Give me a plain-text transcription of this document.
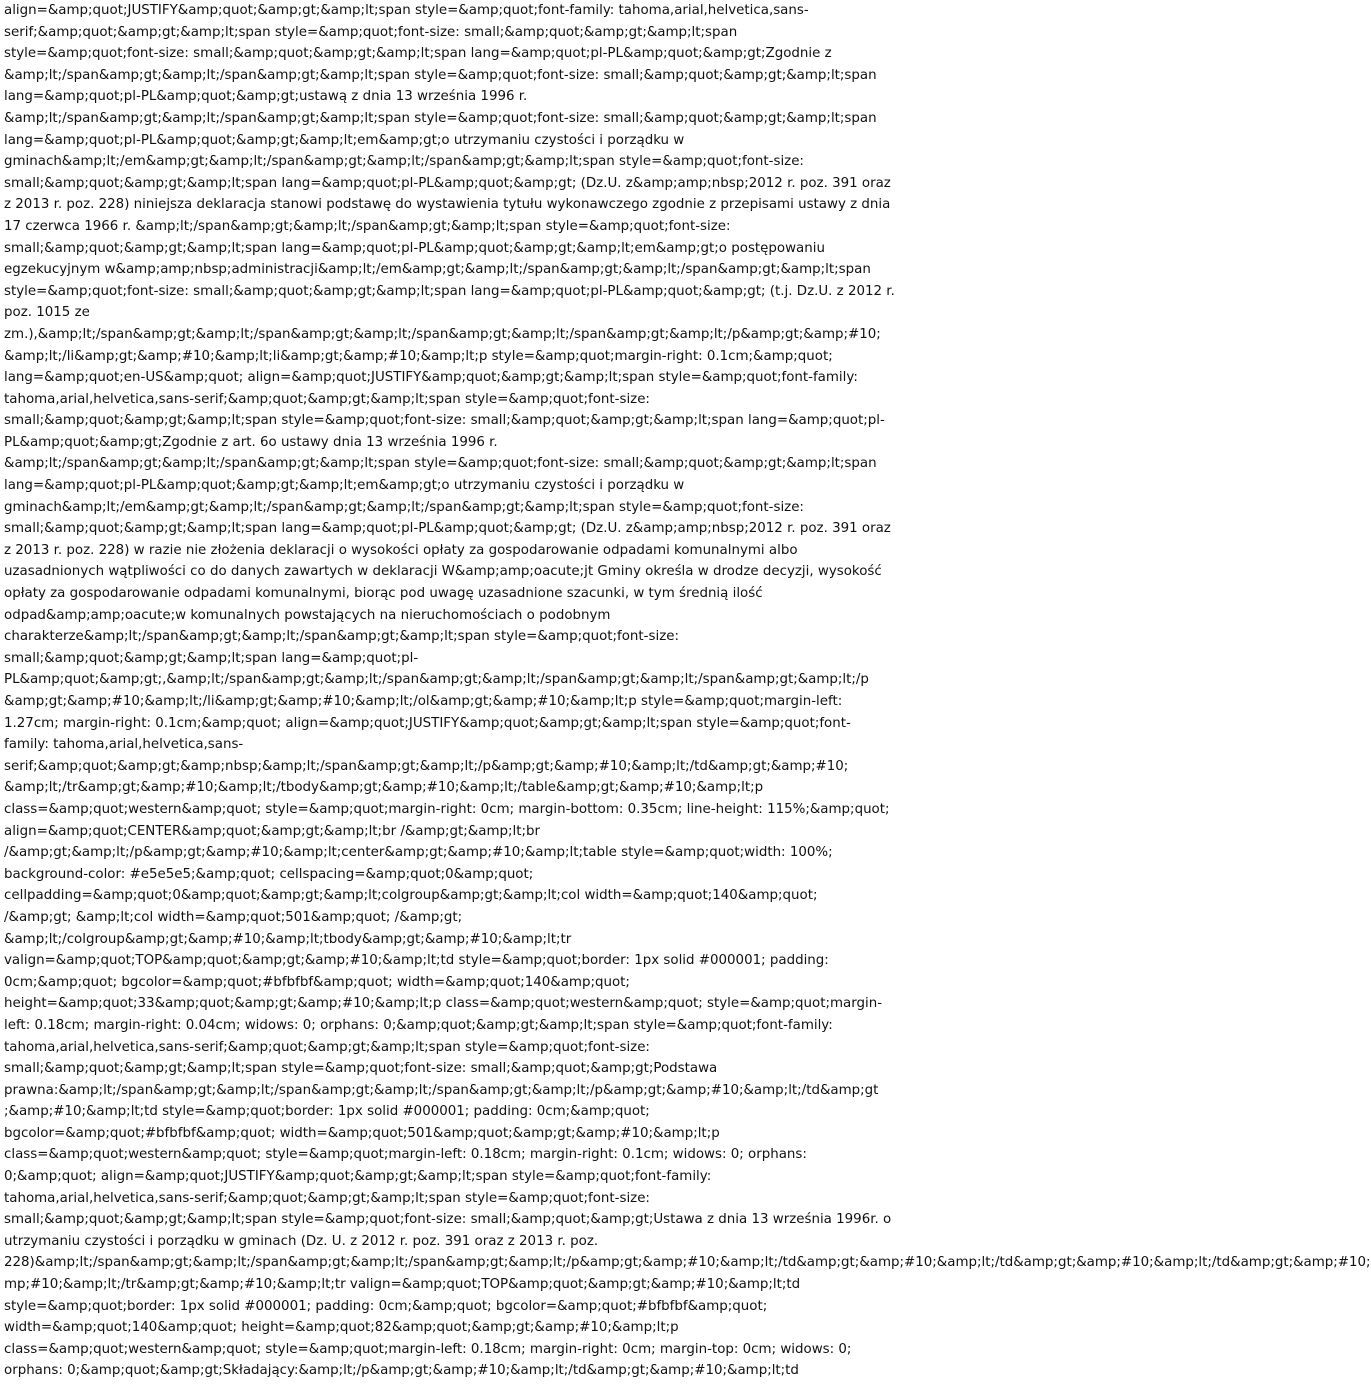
align=&amp;quot;JUSTIFY&amp;quot;&amp;gt;&amp;lt;span style=&amp;quot;font-family: tahoma,arial,helvetica,sans-
serif;&amp;quot;&amp;gt;&amp;lt;span style=&amp;quot;font-size: small;&amp;quot;&amp;gt;&amp;lt;span
style=&amp;quot;font-size: small;&amp;quot;&amp;gt;&amp;lt;span lang=&amp;quot;pl-PL&amp;quot;&amp;gt;Zgodnie z
&amp;lt;/span&amp;gt;&amp;lt;/span&amp;gt;&amp;lt;span style=&amp;quot;font-size: small;&amp;quot;&amp;gt;&amp;lt;span
lang=&amp;quot;pl-PL&amp;quot;&amp;gt;ustawą z dnia 13 września 1996 r.
&amp;lt;/span&amp;gt;&amp;lt;/span&amp;gt;&amp;lt;span style=&amp;quot;font-size: small;&amp;quot;&amp;gt;&amp;lt;span
lang=&amp;quot;pl-PL&amp;quot;&amp;gt;&amp;lt;em&amp;gt;o utrzymaniu czystości i porządku w
gminach&amp;lt;/em&amp;gt;&amp;lt;/span&amp;gt;&amp;lt;/span&amp;gt;&amp;lt;span style=&amp;quot;font-size:
small;&amp;quot;&amp;gt;&amp;lt;span lang=&amp;quot;pl-PL&amp;quot;&amp;gt; (Dz.U. z&amp;amp;nbsp;2012 r. poz. 391 oraz
z 2013 r. poz. 228) niniejsza deklaracja stanowi podstawę do wystawienia tytułu wykonawczego zgodnie z przepisami ustawy z dnia
17 czerwca 1966 r. &amp;lt;/span&amp;gt;&amp;lt;/span&amp;gt;&amp;lt;span style=&amp;quot;font-size:
small;&amp;quot;&amp;gt;&amp;lt;span lang=&amp;quot;pl-PL&amp;quot;&amp;gt;&amp;lt;em&amp;gt;o postępowaniu
egzekucyjnym w&amp;amp;nbsp;administracji&amp;lt;/em&amp;gt;&amp;lt;/span&amp;gt;&amp;lt;/span&amp;gt;&amp;lt;span
style=&amp;quot;font-size: small;&amp;quot;&amp;gt;&amp;lt;span lang=&amp;quot;pl-PL&amp;quot;&amp;gt; (t.j. Dz.U. z 2012 r.
poz. 1015 ze
zm.),&amp;lt;/span&amp;gt;&amp;lt;/span&amp;gt;&amp;lt;/span&amp;gt;&amp;lt;/span&amp;gt;&amp;lt;/p&amp;gt;&amp;#10;
&amp;lt;/li&amp;gt;&amp;#10;&amp;lt;li&amp;gt;&amp;#10;&amp;lt;p style=&amp;quot;margin-right: 0.1cm;&amp;quot;
lang=&amp;quot;en-US&amp;quot; align=&amp;quot;JUSTIFY&amp;quot;&amp;gt;&amp;lt;span style=&amp;quot;font-family:
tahoma,arial,helvetica,sans-serif;&amp;quot;&amp;gt;&amp;lt;span style=&amp;quot;font-size:
small;&amp;quot;&amp;gt;&amp;lt;span style=&amp;quot;font-size: small;&amp;quot;&amp;gt;&amp;lt;span lang=&amp;quot;pl-
PL&amp;quot;&amp;gt;Zgodnie z art. 6o ustawy dnia 13 września 1996 r.
&amp;lt;/span&amp;gt;&amp;lt;/span&amp;gt;&amp;lt;span style=&amp;quot;font-size: small;&amp;quot;&amp;gt;&amp;lt;span
lang=&amp;quot;pl-PL&amp;quot;&amp;gt;&amp;lt;em&amp;gt;o utrzymaniu czystości i porządku w
gminach&amp;lt;/em&amp;gt;&amp;lt;/span&amp;gt;&amp;lt;/span&amp;gt;&amp;lt;span style=&amp;quot;font-size:
small;&amp;quot;&amp;gt;&amp;lt;span lang=&amp;quot;pl-PL&amp;quot;&amp;gt; (Dz.U. z&amp;amp;nbsp;2012 r. poz. 391 oraz
z 2013 r. poz. 228) w razie nie złożenia deklaracji o wysokości opłaty za gospodarowanie odpadami komunalnymi albo
uzasadnionych wątpliwości co do danych zawartych w deklaracji W&amp;amp;oacute;jt Gminy określa w drodze decyzji, wysokość
opłaty za gospodarowanie odpadami komunalnymi, biorąc pod uwagę uzasadnione szacunki, w tym średnią ilość
odpad&amp;amp;oacute;w komunalnych powstających na nieruchomościach o podobnym
charakterze&amp;lt;/span&amp;gt;&amp;lt;/span&amp;gt;&amp;lt;span style=&amp;quot;font-size:
small;&amp;quot;&amp;gt;&amp;lt;span lang=&amp;quot;pl-
PL&amp;quot;&amp;gt;,&amp;lt;/span&amp;gt;&amp;lt;/span&amp;gt;&amp;lt;/span&amp;gt;&amp;lt;/span&amp;gt;&amp;lt;/p
&amp;gt;&amp;#10;&amp;lt;/li&amp;gt;&amp;#10;&amp;lt;/ol&amp;gt;&amp;#10;&amp;lt;p style=&amp;quot;margin-left:
1.27cm; margin-right: 0.1cm;&amp;quot; align=&amp;quot;JUSTIFY&amp;quot;&amp;gt;&amp;lt;span style=&amp;quot;font-
family: tahoma,arial,helvetica,sans-
serif;&amp;quot;&amp;gt;&amp;nbsp;&amp;lt;/span&amp;gt;&amp;lt;/p&amp;gt;&amp;#10;&amp;lt;/td&amp;gt;&amp;#10;
&amp;lt;/tr&amp;gt;&amp;#10;&amp;lt;/tbody&amp;gt;&amp;#10;&amp;lt;/table&amp;gt;&amp;#10;&amp;lt;p
class=&amp;quot;western&amp;quot; style=&amp;quot;margin-right: 0cm; margin-bottom: 0.35cm; line-height: 115%;&amp;quot;
align=&amp;quot;CENTER&amp;quot;&amp;gt;&amp;lt;br /&amp;gt;&amp;lt;br
/&amp;gt;&amp;lt;/p&amp;gt;&amp;#10;&amp;lt;center&amp;gt;&amp;#10;&amp;lt;table style=&amp;quot;width: 100%;
background-color: #e5e5e5;&amp;quot; cellspacing=&amp;quot;0&amp;quot;
cellpadding=&amp;quot;0&amp;quot;&amp;gt;&amp;lt;colgroup&amp;gt;&amp;lt;col width=&amp;quot;140&amp;quot;
/&amp;gt; &amp;lt;col width=&amp;quot;501&amp;quot; /&amp;gt;
&amp;lt;/colgroup&amp;gt;&amp;#10;&amp;lt;tbody&amp;gt;&amp;#10;&amp;lt;tr
valign=&amp;quot;TOP&amp;quot;&amp;gt;&amp;#10;&amp;lt;td style=&amp;quot;border: 1px solid #000001; padding:
0cm;&amp;quot; bgcolor=&amp;quot;#bfbfbf&amp;quot; width=&amp;quot;140&amp;quot;
height=&amp;quot;33&amp;quot;&amp;gt;&amp;#10;&amp;lt;p class=&amp;quot;western&amp;quot; style=&amp;quot;margin-
left: 0.18cm; margin-right: 0.04cm; widows: 0; orphans: 0;&amp;quot;&amp;gt;&amp;lt;span style=&amp;quot;font-family:
tahoma,arial,helvetica,sans-serif;&amp;quot;&amp;gt;&amp;lt;span style=&amp;quot;font-size:
small;&amp;quot;&amp;gt;&amp;lt;span style=&amp;quot;font-size: small;&amp;quot;&amp;gt;Podstawa
prawna:&amp;lt;/span&amp;gt;&amp;lt;/span&amp;gt;&amp;lt;/span&amp;gt;&amp;lt;/p&amp;gt;&amp;#10;&amp;lt;/td&amp;gt
;&amp;#10;&amp;lt;td style=&amp;quot;border: 1px solid #000001; padding: 0cm;&amp;quot;
bgcolor=&amp;quot;#bfbfbf&amp;quot; width=&amp;quot;501&amp;quot;&amp;gt;&amp;#10;&amp;lt;p
class=&amp;quot;western&amp;quot; style=&amp;quot;margin-left: 0.18cm; margin-right: 0.1cm; widows: 0; orphans:
0;&amp;quot; align=&amp;quot;JUSTIFY&amp;quot;&amp;gt;&amp;lt;span style=&amp;quot;font-family:
tahoma,arial,helvetica,sans-serif;&amp;quot;&amp;gt;&amp;lt;span style=&amp;quot;font-size:
small;&amp;quot;&amp;gt;&amp;lt;span style=&amp;quot;font-size: small;&amp;quot;&amp;gt;Ustawa z dnia 13 września 1996r. o
utrzymaniu czystości i porządku w gminach (Dz. U. z 2012 r. poz. 391 oraz z 2013 r. poz.
228)&amp;lt;/span&amp;gt;&amp;lt;/span&amp;gt;&amp;lt;/span&amp;gt;&amp;lt;/p&amp;gt;&amp;#10;&amp;lt;/td&amp;gt;&amp;#10;&amp;lt;/td&amp;gt;&amp;#10;&amp;lt;/td&amp;gt;&amp;#10;
mp;#10;&amp;lt;/tr&amp;gt;&amp;#10;&amp;lt;tr valign=&amp;quot;TOP&amp;quot;&amp;gt;&amp;#10;&amp;lt;td
style=&amp;quot;border: 1px solid #000001; padding: 0cm;&amp;quot; bgcolor=&amp;quot;#bfbfbf&amp;quot;
width=&amp;quot;140&amp;quot; height=&amp;quot;82&amp;quot;&amp;gt;&amp;#10;&amp;lt;p
class=&amp;quot;western&amp;quot; style=&amp;quot;margin-left: 0.18cm; margin-right: 0cm; margin-top: 0cm; widows: 0;
orphans: 0;&amp;quot;&amp;gt;Składający:&amp;lt;/p&amp;gt;&amp;#10;&amp;lt;/td&amp;gt;&amp;#10;&amp;lt;td
